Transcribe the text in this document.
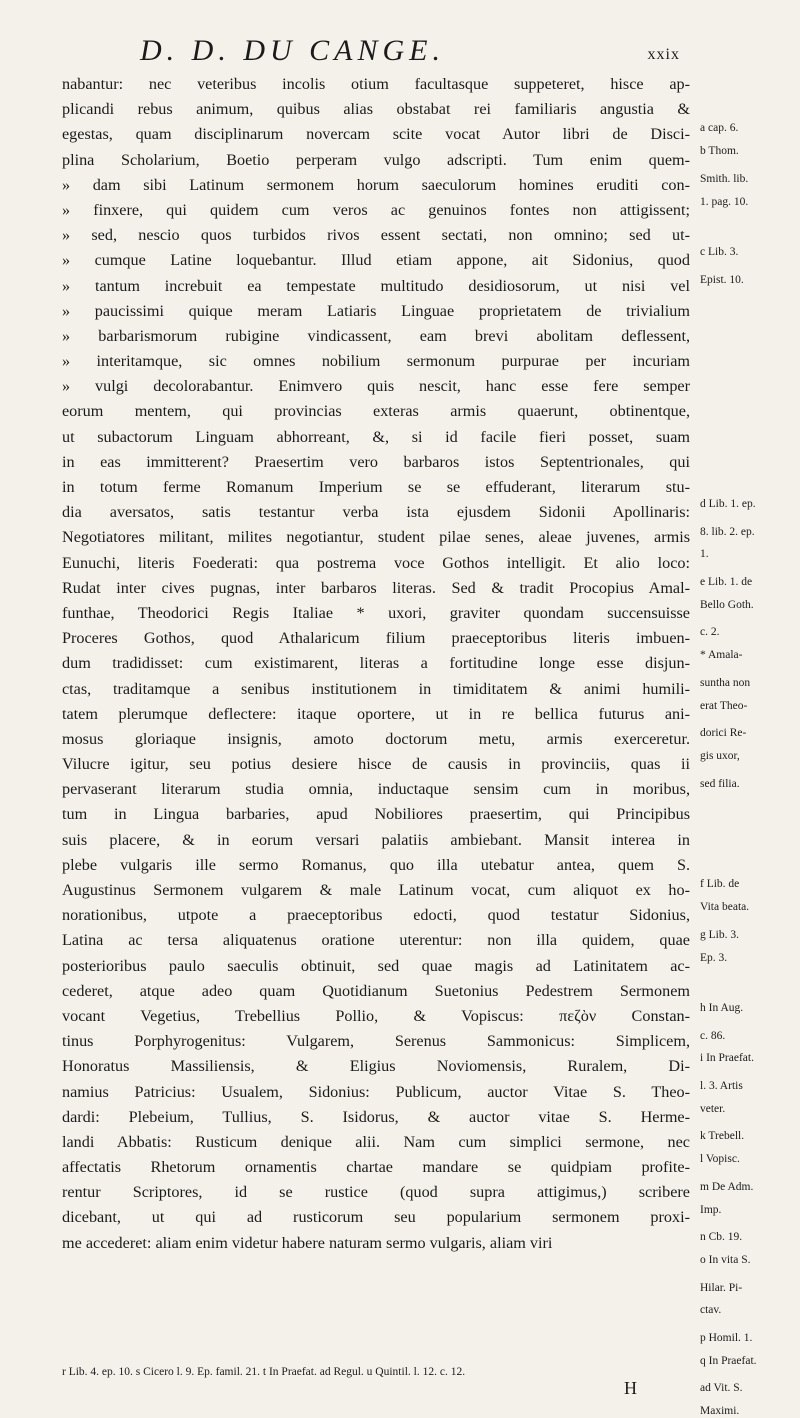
D. D. DU CANGE.	xxix
nabantur: nec veteribus incolis otium facultasque suppeteret, hisce ap-
plicandi rebus animum, quibus alias obstabat rei familiaris angustia &
egestas, quam disciplinarum novercam scite vocat Autor libri de Disci-
plina Scholarium, Boetio perperam vulgo adscripti. Tum enim quem-
» dam sibi Latinum sermonem horum saeculorum homines eruditi con-
» finxere, qui quidem cum veros ac genuinos fontes non attigissent;
» sed, nescio quos turbidos rivos essent sectati, non omnino; sed ut-
» cumque Latine loquebantur. Illud etiam appone, ait Sidonius, quod
» tantum increbuit ea tempestate multitudo desidiosorum, ut nisi vel
» paucissimi quique meram Latiaris Linguae proprietatem de trivialium
» barbarismorum rubigine vindicassent, eam brevi abolitam deflessent,
» interitamque, sic omnes nobilium sermonum purpurae per incuriam
» vulgi decolorabantur. Enimvero quis nescit, hanc esse fere semper
eorum mentem, qui provincias exteras armis quaerunt, obtinentque,
ut subactorum Linguam abhorreant, &, si id facile fieri posset, suam
in eas immitterent? Praesertim vero barbaros istos Septentrionales, qui
in totum ferme Romanum Imperium se se effuderant, literarum stu-
dia aversatos, satis testantur verba ista ejusdem Sidonii Apollinaris:
Negotiatores militant, milites negotiantur, student pilae senes, aleae juvenes, armis
Eunuchi, literis Foederati: qua postrema voce Gothos intelligit. Et alio loco:
Rudat inter cives pugnas, inter barbaros literas. Sed & tradit Procopius Amal-
funthae, Theodorici Regis Italiae * uxori, graviter quondam succensuisse
Proceres Gothos, quod Athalaricum filium praeceptoribus literis imbuen-
dum tradidisset: cum existimarent, literas a fortitudine longe esse disjun-
ctas, traditamque a senibus institutionem in timiditatem & animi humili-
tatem plerumque deflectere: itaque oportere, ut in re bellica futurus ani-
mosus gloriaque insignis, amoto doctorum metu, armis exerceretur.
Vilucre igitur, seu potius desiere hisce de causis in provinciis, quas ii
pervaserant literarum studia omnia, inductaque sensim cum in moribus,
tum in Lingua barbaries, apud Nobiliores praesertim, qui Principibus
suis placere, & in eorum versari palatiis ambiebant. Mansit interea in
plebe vulgaris ille sermo Romanus, quo illa utebatur antea, quem S.
Augustinus Sermonem vulgarem & male Latinum vocat, cum aliquot ex ho-
norationibus, utpote a praeceptoribus edocti, quod testatur Sidonius,
Latina ac tersa aliquatenus oratione uterentur: non illa quidem, quae
posterioribus paulo saeculis obtinuit, sed quae magis ad Latinitatem ac-
cederet, atque adeo quam Quotidianum Suetonius Pedestrem Sermonem
vocant Vegetius, Trebellius Pollio, & Vopiscus: πεζὸν Constan-
tinus Porphyrogenitus: Vulgarem, Serenus Sammonicus: Simplicem,
Honoratus Massiliensis, & Eligius Noviomensis, Ruralem, Di-
namius Patricius: Usualem, Sidonius: Publicum, auctor Vitae S. Theo-
dardi: Plebeium, Tullius, S. Isidorus, & auctor vitae S. Herme-
landi Abbatis: Rusticum denique alii. Nam cum simplici sermone, nec
affectatis Rhetorum ornamentis chartae mandare se quidpiam profite-
rentur Scriptores, id se rustice (quod supra attigimus,) scribere
dicebant, ut qui ad rusticorum seu popularium sermonem proxi-
me accederet: aliam enim videtur habere naturam sermo vulgaris, aliam viri
a cap. 6.
b Thom.
Smith. lib.
1. pag. 10.
c Lib. 3.
Epist. 10.
d Lib. 1. ep.
8. lib. 2. ep.
1.
e Lib. 1. de
Bello Goth.
c. 2.
* Amala-
suntha non
erat Theo-
dorici Re-
gis uxor,
sed filia.
f Lib. de
Vita beata.
g Lib. 3.
Ep. 3.
h In Aug.
c. 86.
i In Praefat.
l. 3. Artis
veter.
k Trebell.
l Vopisc.
m De Adm.
Imp.
n Cb. 19.
o In vita S.
Hilar. Pi-
ctav.
p Homil. 1.
q In Praefat.
ad Vit. S.
Maximi.
r Lib. 4. ep. 10. s Cicero l. 9. Ep. famil. 21. t In Praefat. ad Regul. u Quintil. l. 12. c. 12.
H
